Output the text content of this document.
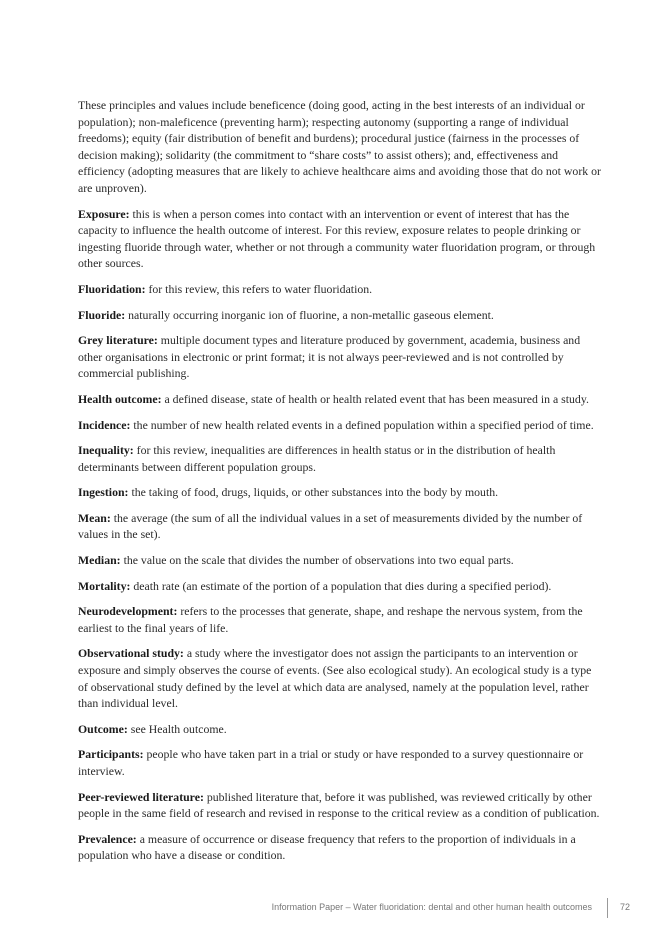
These principles and values include beneficence (doing good, acting in the best interests of an individual or population); non-maleficence (preventing harm); respecting autonomy (supporting a range of individual freedoms); equity (fair distribution of benefit and burdens); procedural justice (fairness in the processes of decision making); solidarity (the commitment to “share costs” to assist others); and, effectiveness and efficiency (adopting measures that are likely to achieve healthcare aims and avoiding those that do not work or are unproven).

Exposure: this is when a person comes into contact with an intervention or event of interest that has the capacity to influence the health outcome of interest. For this review, exposure relates to people drinking or ingesting fluoride through water, whether or not through a community water fluoridation program, or through other sources.

Fluoridation: for this review, this refers to water fluoridation.

Fluoride: naturally occurring inorganic ion of fluorine, a non-metallic gaseous element.

Grey literature: multiple document types and literature produced by government, academia, business and other organisations in electronic or print format; it is not always peer-reviewed and is not controlled by commercial publishing.

Health outcome: a defined disease, state of health or health related event that has been measured in a study.

Incidence: the number of new health related events in a defined population within a specified period of time.

Inequality: for this review, inequalities are differences in health status or in the distribution of health determinants between different population groups.

Ingestion: the taking of food, drugs, liquids, or other substances into the body by mouth.

Mean: the average (the sum of all the individual values in a set of measurements divided by the number of values in the set).

Median: the value on the scale that divides the number of observations into two equal parts.

Mortality: death rate (an estimate of the portion of a population that dies during a specified period).

Neurodevelopment: refers to the processes that generate, shape, and reshape the nervous system, from the earliest to the final years of life.

Observational study: a study where the investigator does not assign the participants to an intervention or exposure and simply observes the course of events. (See also ecological study). An ecological study is a type of observational study defined by the level at which data are analysed, namely at the population level, rather than individual level.

Outcome: see Health outcome.

Participants: people who have taken part in a trial or study or have responded to a survey questionnaire or interview.

Peer-reviewed literature: published literature that, before it was published, was reviewed critically by other people in the same field of research and revised in response to the critical review as a condition of publication.

Prevalence: a measure of occurrence or disease frequency that refers to the proportion of individuals in a population who have a disease or condition.

Information Paper – Water fluoridation: dental and other human health outcomes	72
